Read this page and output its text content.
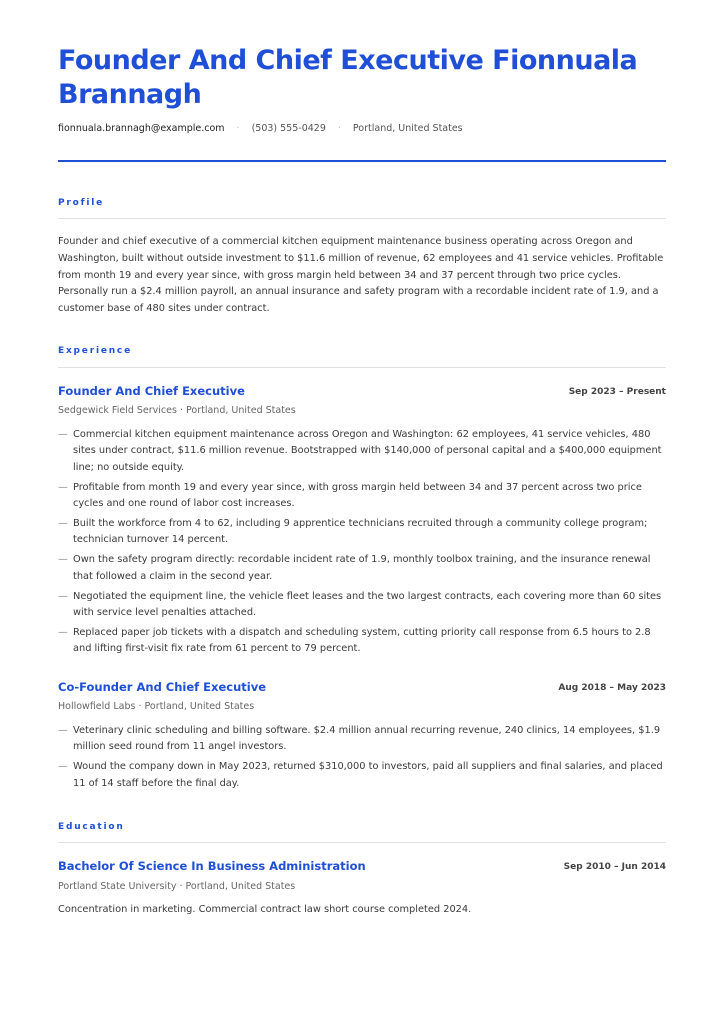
Founder And Chief Executive Fionnuala Brannagh
fionnuala.brannagh@example.com · (503) 555-0429 · Portland, United States
Profile

Founder and chief executive of a commercial kitchen equipment maintenance business operating across Oregon and Washington, built without outside investment to $11.6 million of revenue, 62 employees and 41 service vehicles. Profitable from month 19 and every year since, with gross margin held between 34 and 37 percent through two price cycles. Personally run a $2.4 million payroll, an annual insurance and safety program with a recordable incident rate of 1.9, and a customer base of 480 sites under contract.

Experience
Founder And Chief Executive	Sep 2023 – Present
Sedgewick Field Services · Portland, United States
— Commercial kitchen equipment maintenance across Oregon and Washington: 62 employees, 41 service vehicles, 480 sites under contract, $11.6 million revenue. Bootstrapped with $140,000 of personal capital and a $400,000 equipment line; no outside equity.
— Profitable from month 19 and every year since, with gross margin held between 34 and 37 percent across two price cycles and one round of labor cost increases.
— Built the workforce from 4 to 62, including 9 apprentice technicians recruited through a community college program; technician turnover 14 percent.
— Own the safety program directly: recordable incident rate of 1.9, monthly toolbox training, and the insurance renewal that followed a claim in the second year.
— Negotiated the equipment line, the vehicle fleet leases and the two largest contracts, each covering more than 60 sites with service level penalties attached.
— Replaced paper job tickets with a dispatch and scheduling system, cutting priority call response from 6.5 hours to 2.8 and lifting first-visit fix rate from 61 percent to 79 percent.
Co-Founder And Chief Executive	Aug 2018 – May 2023
Hollowfield Labs · Portland, United States
— Veterinary clinic scheduling and billing software. $2.4 million annual recurring revenue, 240 clinics, 14 employees, $1.9 million seed round from 11 angel investors.
— Wound the company down in May 2023, returned $310,000 to investors, paid all suppliers and final salaries, and placed 11 of 14 staff before the final day.
Education
Bachelor Of Science In Business Administration	Sep 2010 – Jun 2014
Portland State University · Portland, United States

Concentration in marketing. Commercial contract law short course completed 2024.
